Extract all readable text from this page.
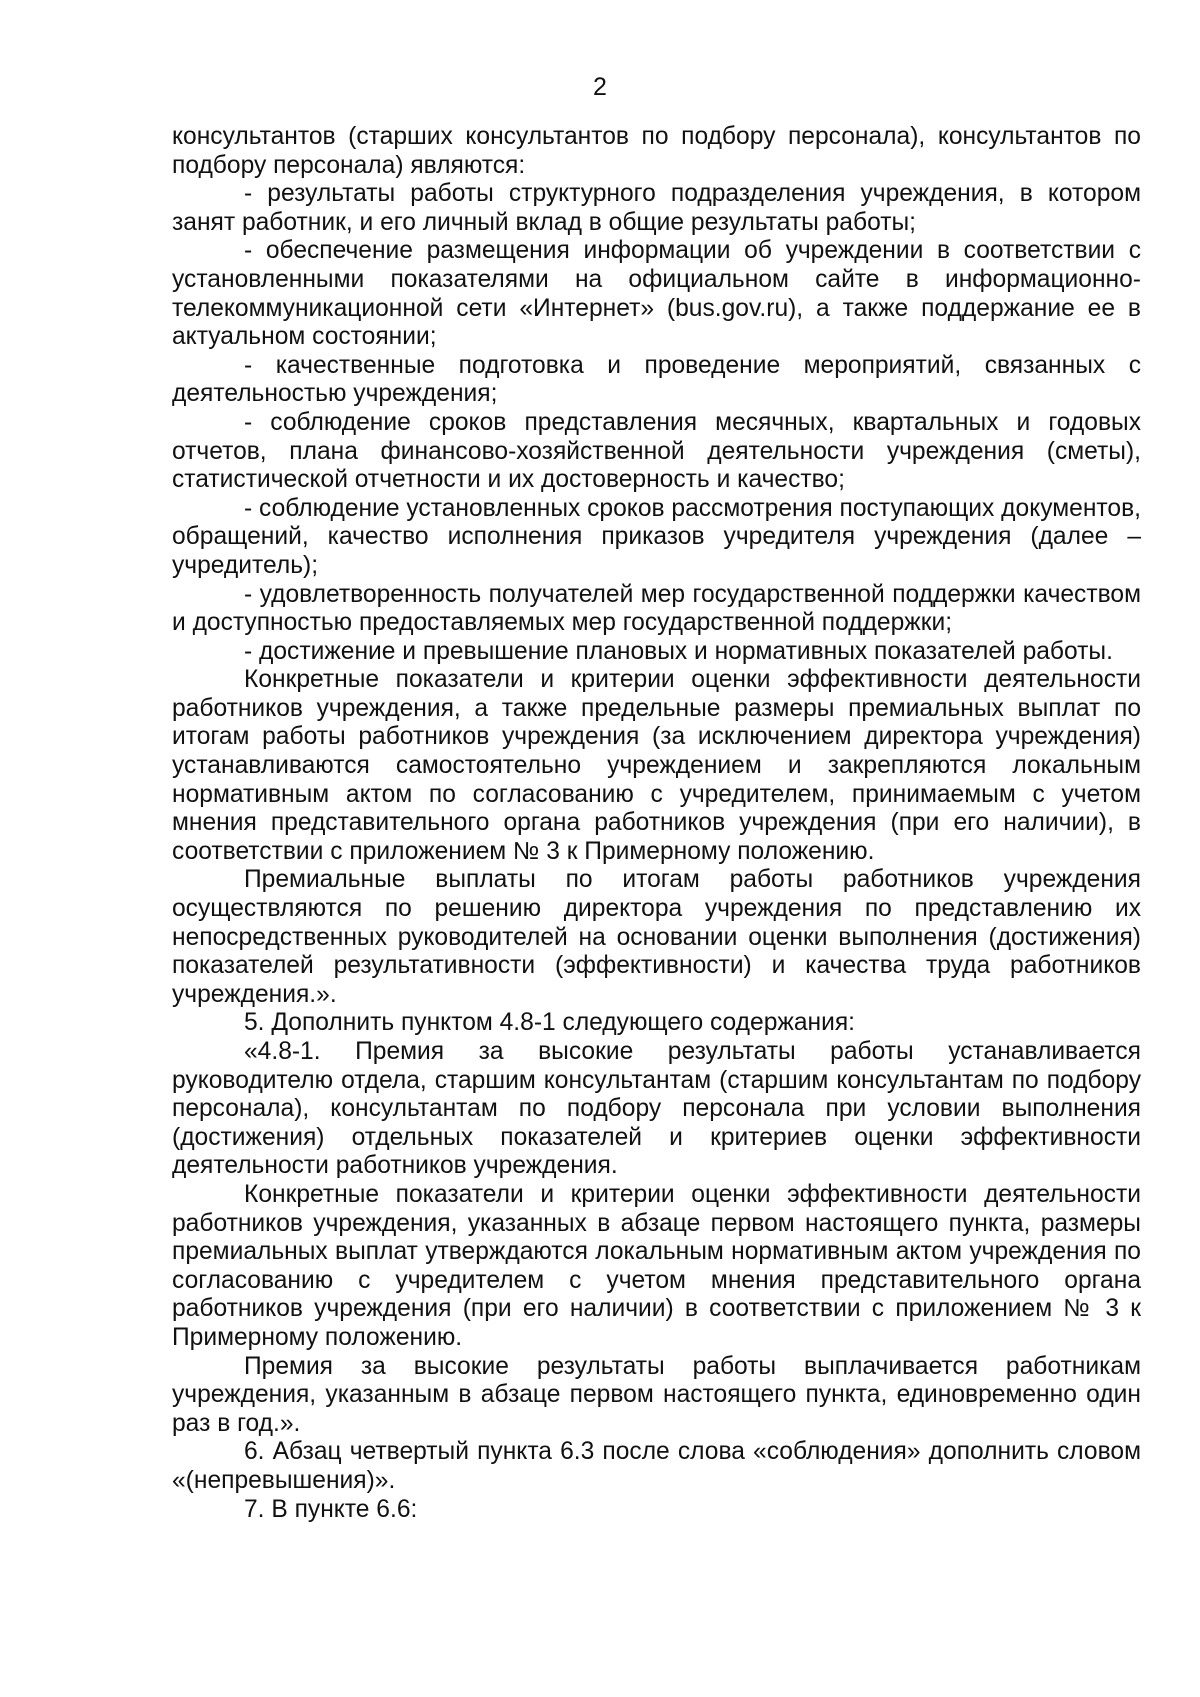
2

консультантов (старших консультантов по подбору персонала), консультантов по подбору персонала) являются:

- результаты работы структурного подразделения учреждения, в котором занят работник, и его личный вклад в общие результаты работы;

- обеспечение размещения информации об учреждении в соответствии с установленными показателями на официальном сайте в информационно-телекоммуникационной сети «Интернет» (bus.gov.ru), а также поддержание ее в актуальном состоянии;

- качественные подготовка и проведение мероприятий, связанных с деятельностью учреждения;

- соблюдение сроков представления месячных, квартальных и годовых отчетов, плана финансово-хозяйственной деятельности учреждения (сметы), статистической отчетности и их достоверность и качество;

- соблюдение установленных сроков рассмотрения поступающих документов, обращений, качество исполнения приказов учредителя учреждения (далее – учредитель);

- удовлетворенность получателей мер государственной поддержки качеством и доступностью предоставляемых мер государственной поддержки;

- достижение и превышение плановых и нормативных показателей работы.

Конкретные показатели и критерии оценки эффективности деятельности работников учреждения, а также предельные размеры премиальных выплат по итогам работы работников учреждения (за исключением директора учреждения) устанавливаются самостоятельно учреждением и закрепляются локальным нормативным актом по согласованию с учредителем, принимаемым с учетом мнения представительного органа работников учреждения (при его наличии), в соответствии с приложением № 3 к Примерному положению.

Премиальные выплаты по итогам работы работников учреждения осуществляются по решению директора учреждения по представлению их непосредственных руководителей на основании оценки выполнения (достижения) показателей результативности (эффективности) и качества труда работников учреждения.».

5. Дополнить пунктом 4.8-1 следующего содержания:

«4.8-1. Премия за высокие результаты работы устанавливается руководителю отдела, старшим консультантам (старшим консультантам по подбору персонала), консультантам по подбору персонала при условии выполнения (достижения) отдельных показателей и критериев оценки эффективности деятельности работников учреждения.

Конкретные показатели и критерии оценки эффективности деятельности работников учреждения, указанных в абзаце первом настоящего пункта, размеры премиальных выплат утверждаются локальным нормативным актом учреждения по согласованию с учредителем с учетом мнения представительного органа работников учреждения (при его наличии) в соответствии с приложением № 3 к Примерному положению.

Премия за высокие результаты работы выплачивается работникам учреждения, указанным в абзаце первом настоящего пункта, единовременно один раз в год.».

6. Абзац четвертый пункта 6.3 после слова «соблюдения» дополнить словом «(непревышения)».

7. В пункте 6.6:
